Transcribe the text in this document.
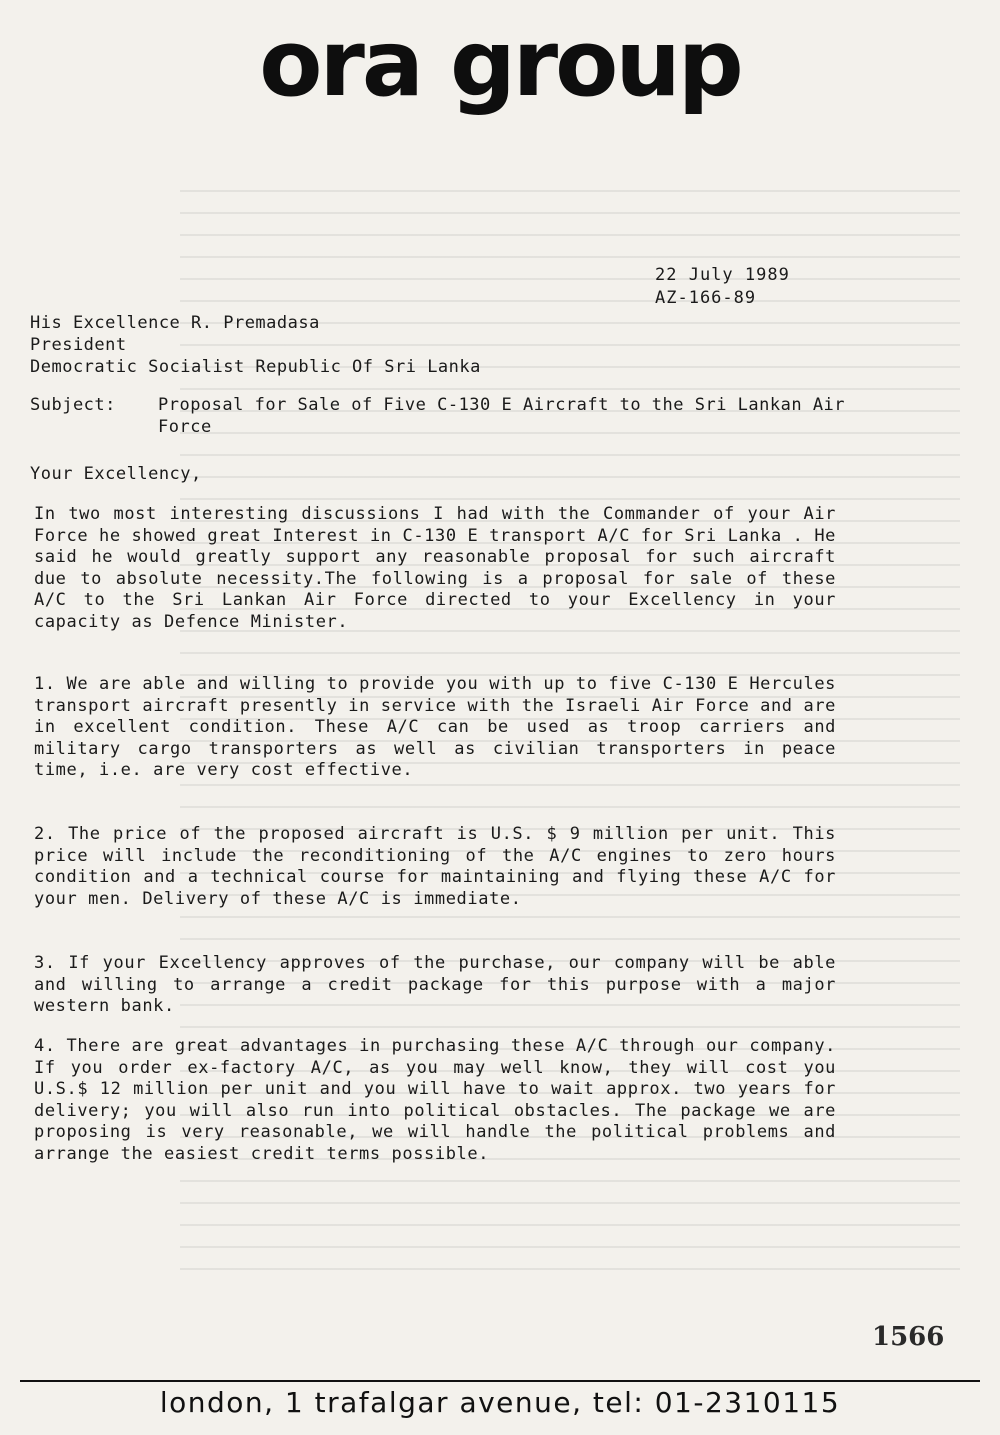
ora group
22 July 1989
AZ-166-89
His Excellence R. Premadasa
President
Democratic Socialist Republic Of Sri Lanka
Subject:	Proposal for Sale of Five C-130 E Aircraft to the Sri Lankan Air Force
Your Excellency,

In two most interesting discussions I had with the Commander of your Air Force he showed great Interest in C-130 E transport A/C for Sri Lanka . He said he would greatly support any reasonable proposal for such aircraft due to absolute necessity.The following is a proposal for sale of these A/C to the Sri Lankan Air Force directed to your Excellency in your capacity as Defence Minister.

1. We are able and willing to provide you with up to five C-130 E Hercules transport aircraft presently in service with the Israeli Air Force and are in excellent condition. These A/C can be used as troop carriers and military cargo transporters as well as civilian transporters in peace time, i.e. are very cost effective.

2. The price of the proposed aircraft is U.S. $ 9 million per unit. This price will include the reconditioning of the A/C engines to zero hours condition and a technical course for maintaining and flying these A/C for your men. Delivery of these A/C is immediate.

3. If your Excellency approves of the purchase, our company will be able and willing to arrange a credit package for this purpose with a major western bank.

4. There are great advantages in purchasing these A/C through our company. If you order ex-factory A/C, as you may well know, they will cost you U.S.$ 12 million per unit and you will have to wait approx. two years for delivery; you will also run into political obstacles. The package we are proposing is very reasonable, we will handle the political problems and arrange the easiest credit terms possible.

1566
london, 1 trafalgar avenue, tel: 01-2310115
